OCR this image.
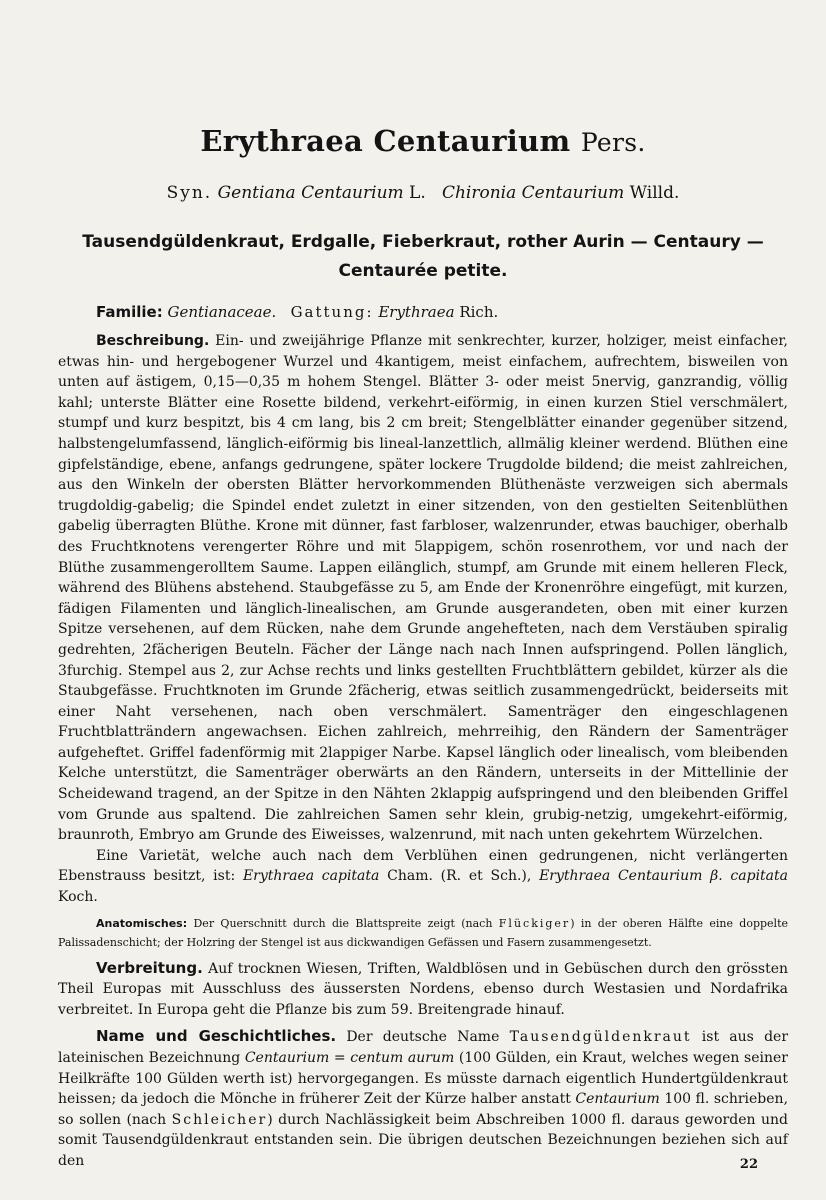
Erythraea Centaurium Pers.
Syn. Gentiana Centaurium L. Chironia Centaurium Willd.
Tausendgüldenkraut, Erdgalle, Fieberkraut, rother Aurin — Centaury —
Centaurée petite.
Familie: Gentianaceae. Gattung: Erythraea Rich.

Beschreibung. Ein- und zweijährige Pflanze mit senkrechter, kurzer, holziger, meist einfacher, etwas hin- und hergebogener Wurzel und 4kantigem, meist einfachem, aufrechtem, bisweilen von unten auf ästigem, 0,15—0,35 m hohem Stengel. Blätter 3- oder meist 5nervig, ganzrandig, völlig kahl; unterste Blätter eine Rosette bildend, verkehrt-eiförmig, in einen kurzen Stiel verschmälert, stumpf und kurz bespitzt, bis 4 cm lang, bis 2 cm breit; Stengelblätter einander gegenüber sitzend, halbstengelumfassend, länglich-eiförmig bis lineal-lanzettlich, allmälig kleiner werdend. Blüthen eine gipfelständige, ebene, anfangs gedrungene, später lockere Trugdolde bildend; die meist zahlreichen, aus den Winkeln der obersten Blätter hervorkommenden Blüthenäste verzweigen sich abermals trugdoldig-gabelig; die Spindel endet zuletzt in einer sitzenden, von den gestielten Seitenblüthen gabelig überragten Blüthe. Krone mit dünner, fast farbloser, walzenrunder, etwas bauchiger, oberhalb des Fruchtknotens verengerter Röhre und mit 5lappigem, schön rosenrothem, vor und nach der Blüthe zusammengerolltem Saume. Lappen eilänglich, stumpf, am Grunde mit einem helleren Fleck, während des Blühens abstehend. Staubgefässe zu 5, am Ende der Kronenröhre eingefügt, mit kurzen, fädigen Filamenten und länglich-linealischen, am Grunde ausgerandeten, oben mit einer kurzen Spitze versehenen, auf dem Rücken, nahe dem Grunde angehefteten, nach dem Verstäuben spiralig gedrehten, 2fächerigen Beuteln. Fächer der Länge nach nach Innen aufspringend. Pollen länglich, 3furchig. Stempel aus 2, zur Achse rechts und links gestellten Fruchtblättern gebildet, kürzer als die Staubgefässe. Fruchtknoten im Grunde 2fächerig, etwas seitlich zusammengedrückt, beiderseits mit einer Naht versehenen, nach oben verschmälert. Samenträger den eingeschlagenen Fruchtblatträndern angewachsen. Eichen zahlreich, mehrreihig, den Rändern der Samenträger aufgeheftet. Griffel fadenförmig mit 2lappiger Narbe. Kapsel länglich oder linealisch, vom bleibenden Kelche unterstützt, die Samenträger oberwärts an den Rändern, unterseits in der Mittellinie der Scheidewand tragend, an der Spitze in den Nähten 2klappig aufspringend und den bleibenden Griffel vom Grunde aus spaltend. Die zahlreichen Samen sehr klein, grubig-netzig, umgekehrt-eiförmig, braunroth, Embryo am Grunde des Eiweisses, walzenrund, mit nach unten gekehrtem Würzelchen.

Eine Varietät, welche auch nach dem Verblühen einen gedrungenen, nicht verlängerten Ebenstrauss besitzt, ist: Erythraea capitata Cham. (R. et Sch.), Erythraea Centaurium β. capitata Koch.

Anatomisches: Der Querschnitt durch die Blattspreite zeigt (nach Flückiger) in der oberen Hälfte eine doppelte Palissadenschicht; der Holzring der Stengel ist aus dickwandigen Gefässen und Fasern zusammengesetzt.

Verbreitung. Auf trocknen Wiesen, Triften, Waldblösen und in Gebüschen durch den grössten Theil Europas mit Ausschluss des äussersten Nordens, ebenso durch Westasien und Nordafrika verbreitet. In Europa geht die Pflanze bis zum 59. Breitengrade hinauf.

Name und Geschichtliches. Der deutsche Name Tausendgüldenkraut ist aus der lateinischen Bezeichnung Centaurium = centum aurum (100 Gülden, ein Kraut, welches wegen seiner Heilkräfte 100 Gülden werth ist) hervorgegangen. Es müsste darnach eigentlich Hundertgüldenkraut heissen; da jedoch die Mönche in früherer Zeit der Kürze halber anstatt Centaurium 100 fl. schrieben, so sollen (nach Schleicher) durch Nachlässigkeit beim Abschreiben 1000 fl. daraus geworden und somit Tausendgüldenkraut entstanden sein. Die übrigen deutschen Bezeichnungen beziehen sich auf den	22
